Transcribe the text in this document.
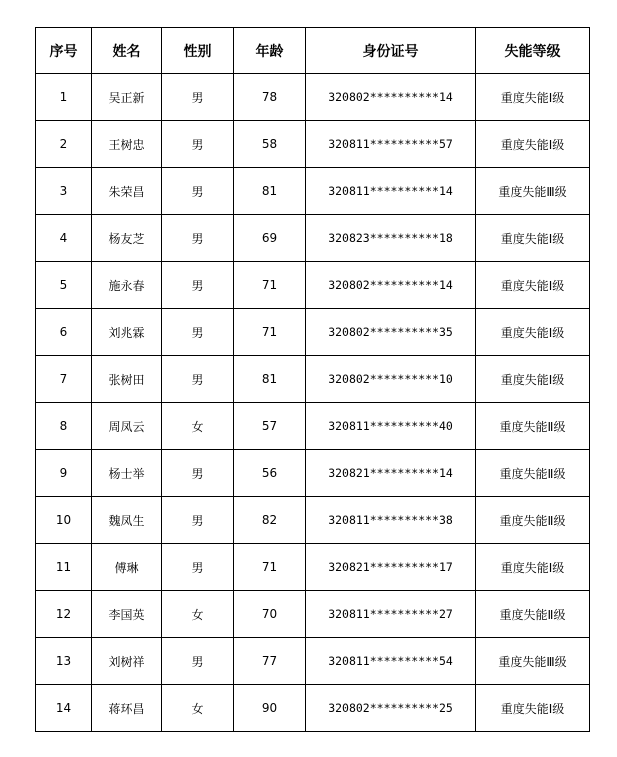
序号	姓名	性别	年龄	身份证号	失能等级
1	吴正新	男	78	320802**********14	重度失能Ⅰ级
2	王树忠	男	58	320811**********57	重度失能Ⅰ级
3	朱荣昌	男	81	320811**********14	重度失能Ⅲ级
4	杨友芝	男	69	320823**********18	重度失能Ⅰ级
5	施永春	男	71	320802**********14	重度失能Ⅰ级
6	刘兆霖	男	71	320802**********35	重度失能Ⅰ级
7	张树田	男	81	320802**********10	重度失能Ⅰ级
8	周凤云	女	57	320811**********40	重度失能Ⅱ级
9	杨士举	男	56	320821**********14	重度失能Ⅱ级
10	魏凤生	男	82	320811**********38	重度失能Ⅱ级
11	傅琳	男	71	320821**********17	重度失能Ⅰ级
12	李国英	女	70	320811**********27	重度失能Ⅱ级
13	刘树祥	男	77	320811**********54	重度失能Ⅲ级
14	蒋环昌	女	90	320802**********25	重度失能Ⅰ级
